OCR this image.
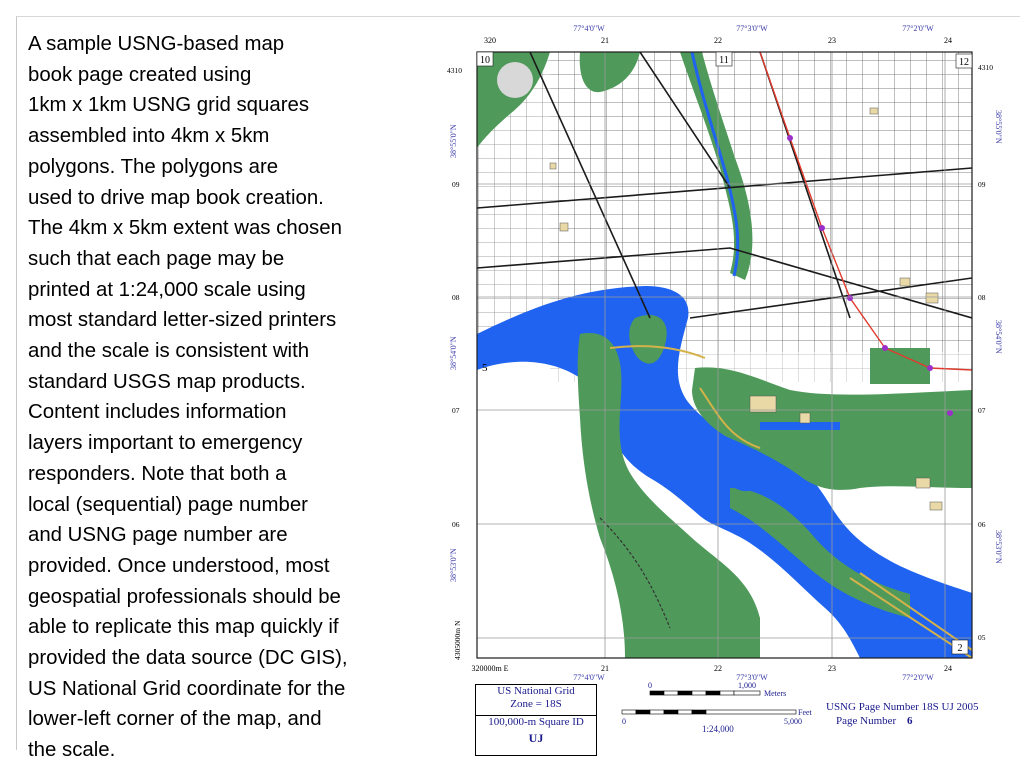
A sample USNG-based map
book page created using
1km x 1km USNG grid squares
assembled into 4km x 5km
polygons. The polygons are
used to drive map book creation.
The 4km x 5km extent was chosen
such that each page may be
printed at 1:24,000 scale using
most standard letter-sized printers
and the scale is consistent with
standard USGS map products.
Content includes information
layers important to emergency
responders. Note that both a
local (sequential) page number
and USNG page number are
provided. Once understood, most
geospatial professionals should be
able to replicate this map quickly if
provided the data source (DC GIS),
US National Grid coordinate for the
lower-left corner of the map, and
the scale.
10	11	12
5
2
77°4'0"W	77°3'0"W	77°2'0"W
320	21	22	23	24
320000m E	21	22	23	24
77°4'0"W	77°3'0"W	77°2'0"W
4310
09
08
07
06
4305000m N
4310
09
08
07
06
05
38°55'0"N
38°54'0"N
38°53'0"N
38°55'0"N
38°54'0"N
38°53'0"N
US National Grid
Zone = 18S
100,000-m Square ID
UJ
0	1,000
Meters
Feet
0	5,000
1:24,000
USNG Page Number 18S UJ 2005
Page Number 6
